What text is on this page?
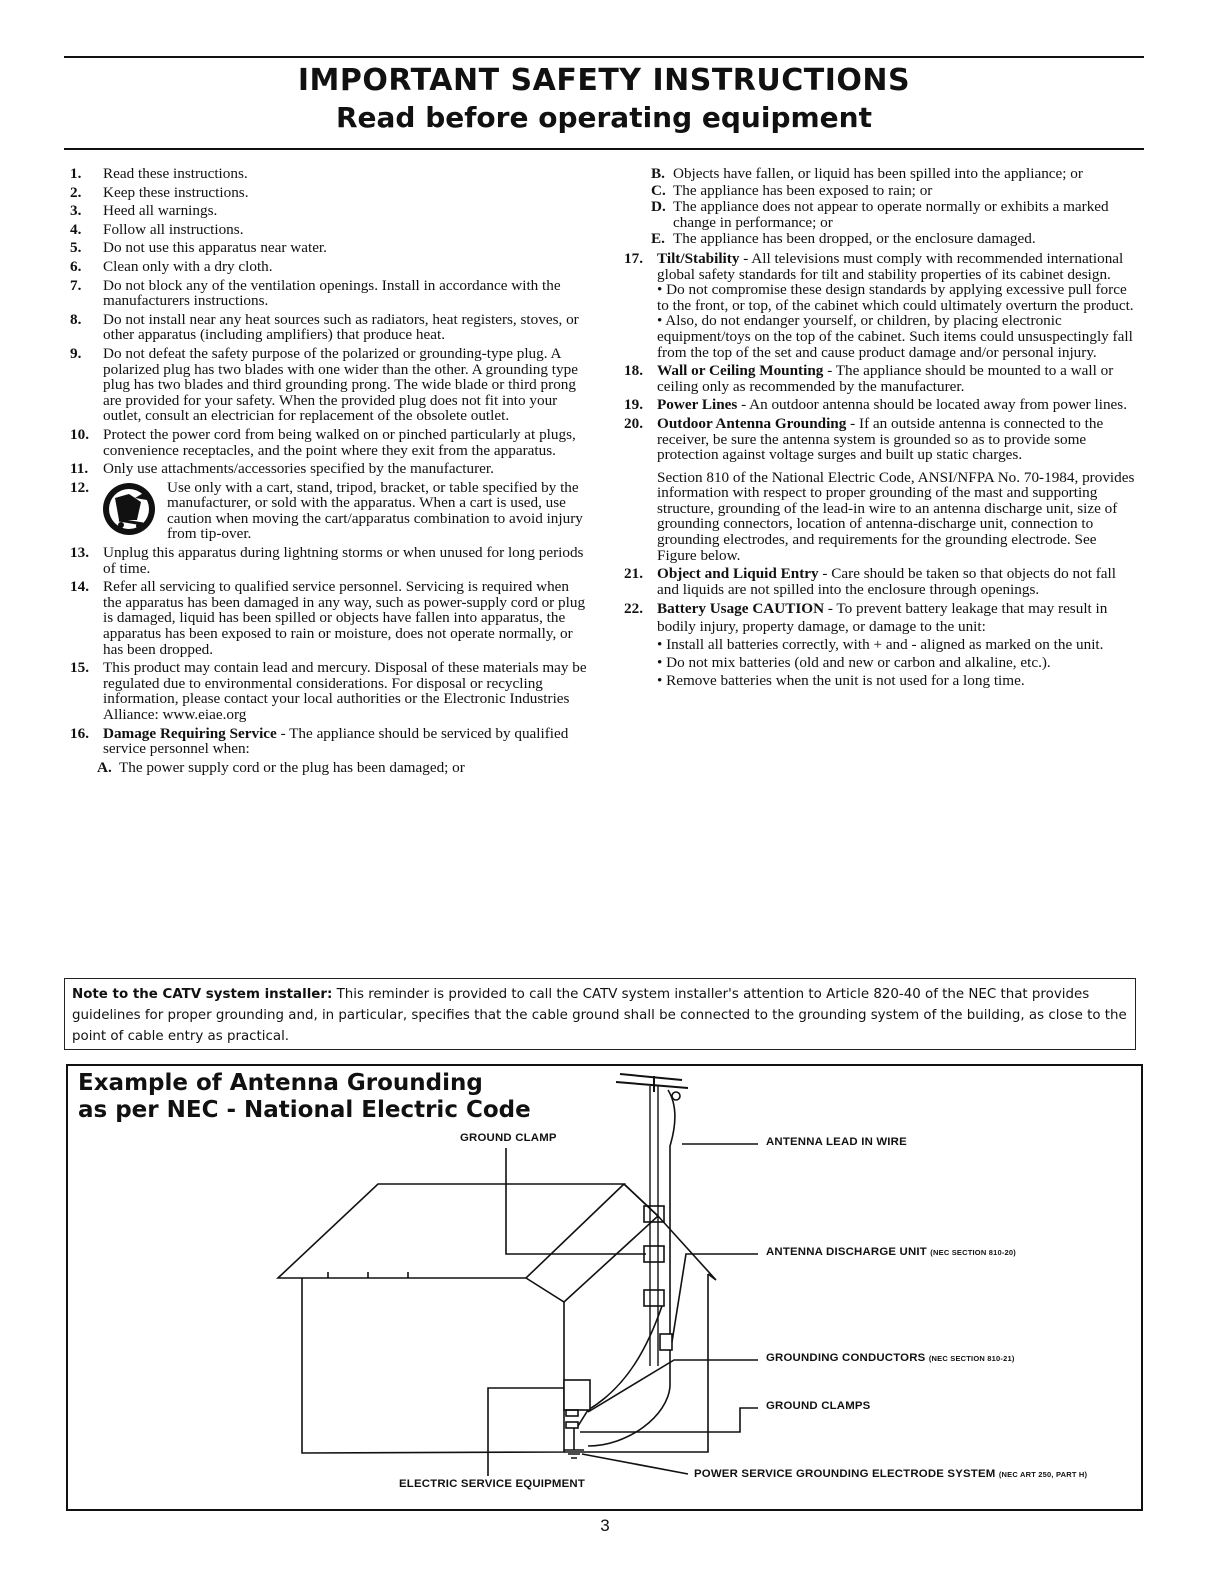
IMPORTANT SAFETY INSTRUCTIONS
Read before operating equipment
1. Read these instructions.
2. Keep these instructions.
3. Heed all warnings.
4. Follow all instructions.
5. Do not use this apparatus near water.
6. Clean only with a dry cloth.
7. Do not block any of the ventilation openings. Install in accordance with the manufacturers instructions.
8. Do not install near any heat sources such as radiators, heat registers, stoves, or other apparatus (including amplifiers) that produce heat.
9. Do not defeat the safety purpose of the polarized or grounding-type plug. A polarized plug has two blades with one wider than the other. A grounding type plug has two blades and third grounding prong. The wide blade or third prong are provided for your safety. When the provided plug does not fit into your outlet, consult an electrician for replacement of the obsolete outlet.
10. Protect the power cord from being walked on or pinched particularly at plugs, convenience receptacles, and the point where they exit from the apparatus.
11. Only use attachments/accessories specified by the manufacturer.
12.	Use only with a cart, stand, tripod, bracket, or table specified by the manufacturer, or sold with the apparatus. When a cart is used, use caution when moving the cart/apparatus combination to avoid injury from tip-over.
13. Unplug this apparatus during lightning storms or when unused for long periods of time.
14. Refer all servicing to qualified service personnel. Servicing is required when the apparatus has been damaged in any way, such as power-supply cord or plug is damaged, liquid has been spilled or objects have fallen into apparatus, the apparatus has been exposed to rain or moisture, does not operate normally, or has been dropped.
15. This product may contain lead and mercury. Disposal of these materials may be regulated due to environmental considerations. For disposal or recycling information, please contact your local authorities or the Electronic Industries Alliance: www.eiae.org
16. Damage Requiring Service - The appliance should be serviced by qualified service personnel when:
A. The power supply cord or the plug has been damaged; or
B. Objects have fallen, or liquid has been spilled into the appliance; or
C. The appliance has been exposed to rain; or
D. The appliance does not appear to operate normally or exhibits a marked change in performance; or
E. The appliance has been dropped, or the enclosure damaged.
17. Tilt/Stability - All televisions must comply with recommended international global safety standards for tilt and stability properties of its cabinet design.
• Do not compromise these design standards by applying excessive pull force to the front, or top, of the cabinet which could ultimately overturn the product.
• Also, do not endanger yourself, or children, by placing electronic equipment/toys on the top of the cabinet. Such items could unsuspectingly fall from the top of the set and cause product damage and/or personal injury.
18. Wall or Ceiling Mounting - The appliance should be mounted to a wall or ceiling only as recommended by the manufacturer.
19. Power Lines - An outdoor antenna should be located away from power lines.
20. Outdoor Antenna Grounding - If an outside antenna is connected to the receiver, be sure the antenna system is grounded so as to provide some protection against voltage surges and built up static charges.
Section 810 of the National Electric Code, ANSI/NFPA No. 70-1984, provides information with respect to proper grounding of the mast and supporting structure, grounding of the lead-in wire to an antenna discharge unit, size of grounding connectors, location of antenna-discharge unit, connection to grounding electrodes, and requirements for the grounding electrode. See Figure below.
21. Object and Liquid Entry - Care should be taken so that objects do not fall and liquids are not spilled into the enclosure through openings.
22. Battery Usage CAUTION - To prevent battery leakage that may result in bodily injury, property damage, or damage to the unit:
• Install all batteries correctly, with + and - aligned as marked on the unit.
• Do not mix batteries (old and new or carbon and alkaline, etc.).
• Remove batteries when the unit is not used for a long time.
Note to the CATV system installer: This reminder is provided to call the CATV system installer's attention to Article 820-40 of the NEC that provides guidelines for proper grounding and, in particular, specifies that the cable ground shall be connected to the grounding system of the building, as close to the point of cable entry as practical.
Example of Antenna Grounding
as per NEC - National Electric Code
GROUND CLAMP	ANTENNA LEAD IN WIRE
ANTENNA DISCHARGE UNIT (NEC SECTION 810-20)
GROUNDING CONDUCTORS (NEC SECTION 810-21)
GROUND CLAMPS
ELECTRIC SERVICE EQUIPMENT
POWER SERVICE GROUNDING ELECTRODE SYSTEM (NEC ART 250, PART H)

3
